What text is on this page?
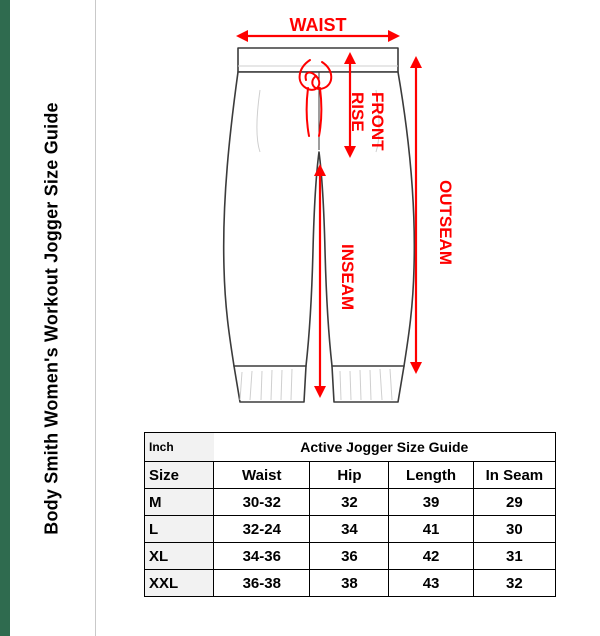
Body Smith Women's Workout Jogger Size Guide
WAIST
FRONT
RISE
INSEAM
OUTSEAM
Inch	Active Jogger Size Guide			
Size	Waist	Hip	Length	In Seam
M	30-32	32	39	29
L	32-24	34	41	30
XL	34-36	36	42	31
XXL	36-38	38	43	32
